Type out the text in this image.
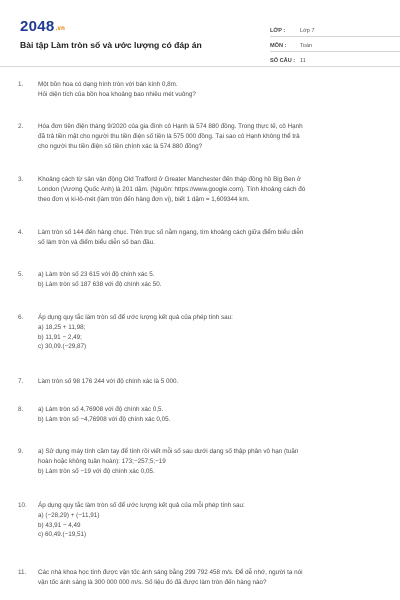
2048.vn
Bài tập Làm tròn số và ước lượng có đáp án
LỚP :	Lớp 7
MÔN :	Toán
SỐ CÂU : 11
1.	Một bồn hoa có dạng hình tròn với bán kính 0,8m.
Hỏi diện tích của bồn hoa khoảng bao nhiêu mét vuông?
2.	Hóa đơn tiền điện tháng 9/2020 của gia đình cô Hạnh là 574 880 đồng. Trong thực tế, cô Hạnh
đã trả tiền mặt cho người thu tiền điện số tiền là 575 000 đồng. Tại sao cô Hạnh không thể trả
cho người thu tiền điện số tiền chính xác là 574 880 đồng?
3.	Khoảng cách từ sân vận động Old Trafford ở Greater Manchester đến tháp đồng hồ Big Ben ở
London (Vương Quốc Anh) là 201 dặm. (Nguồn: https://www.google.com). Tính khoảng cách đó
theo đơn vị ki-lô-mét (làm tròn đến hàng đơn vị), biết 1 dặm = 1,609344 km.
4.	Làm tròn số 144 đến hàng chục. Trên trục số nằm ngang, tìm khoảng cách giữa điểm biểu diễn
số làm tròn và điểm biểu diễn số ban đầu.
5.	a) Làm tròn số 23 615 với độ chính xác 5.
b) Làm tròn số 187 638 với độ chính xác 50.
6.	Áp dụng quy tắc làm tròn số để ước lượng kết quả của phép tính sau:
a) 18,25 + 11,98;
b) 11,91 − 2,49;
c) 30,09.(−29,87)
7.	Làm tròn số 98 176 244 với độ chính xác là 5 000.
8.	a) Làm tròn số 4,76908 với độ chính xác 0,5.
b) Làm tròn số −4,76908 với độ chính xác 0,05.
9.	a) Sử dụng máy tính cầm tay để tính rồi viết mỗi số sau dưới dạng số thập phân vô hạn (tuần
hoàn hoặc không tuần hoàn): 173;−257;5;−19
b) Làm tròn số −19 với độ chính xác 0,05.
10.	Áp dụng quy tắc làm tròn số để ước lượng kết quả của mỗi phép tính sau:
a) (−28,29) + (−11,91)
b) 43,91 − 4,49
c) 60,49.(−19,51)
11.	Các nhà khoa học tính được vận tốc ánh sáng bằng 299 792 458 m/s. Để dễ nhớ, người ta nói
vận tốc ánh sáng là 300 000 000 m/s. Số liệu đó đã được làm tròn đến hàng nào?
